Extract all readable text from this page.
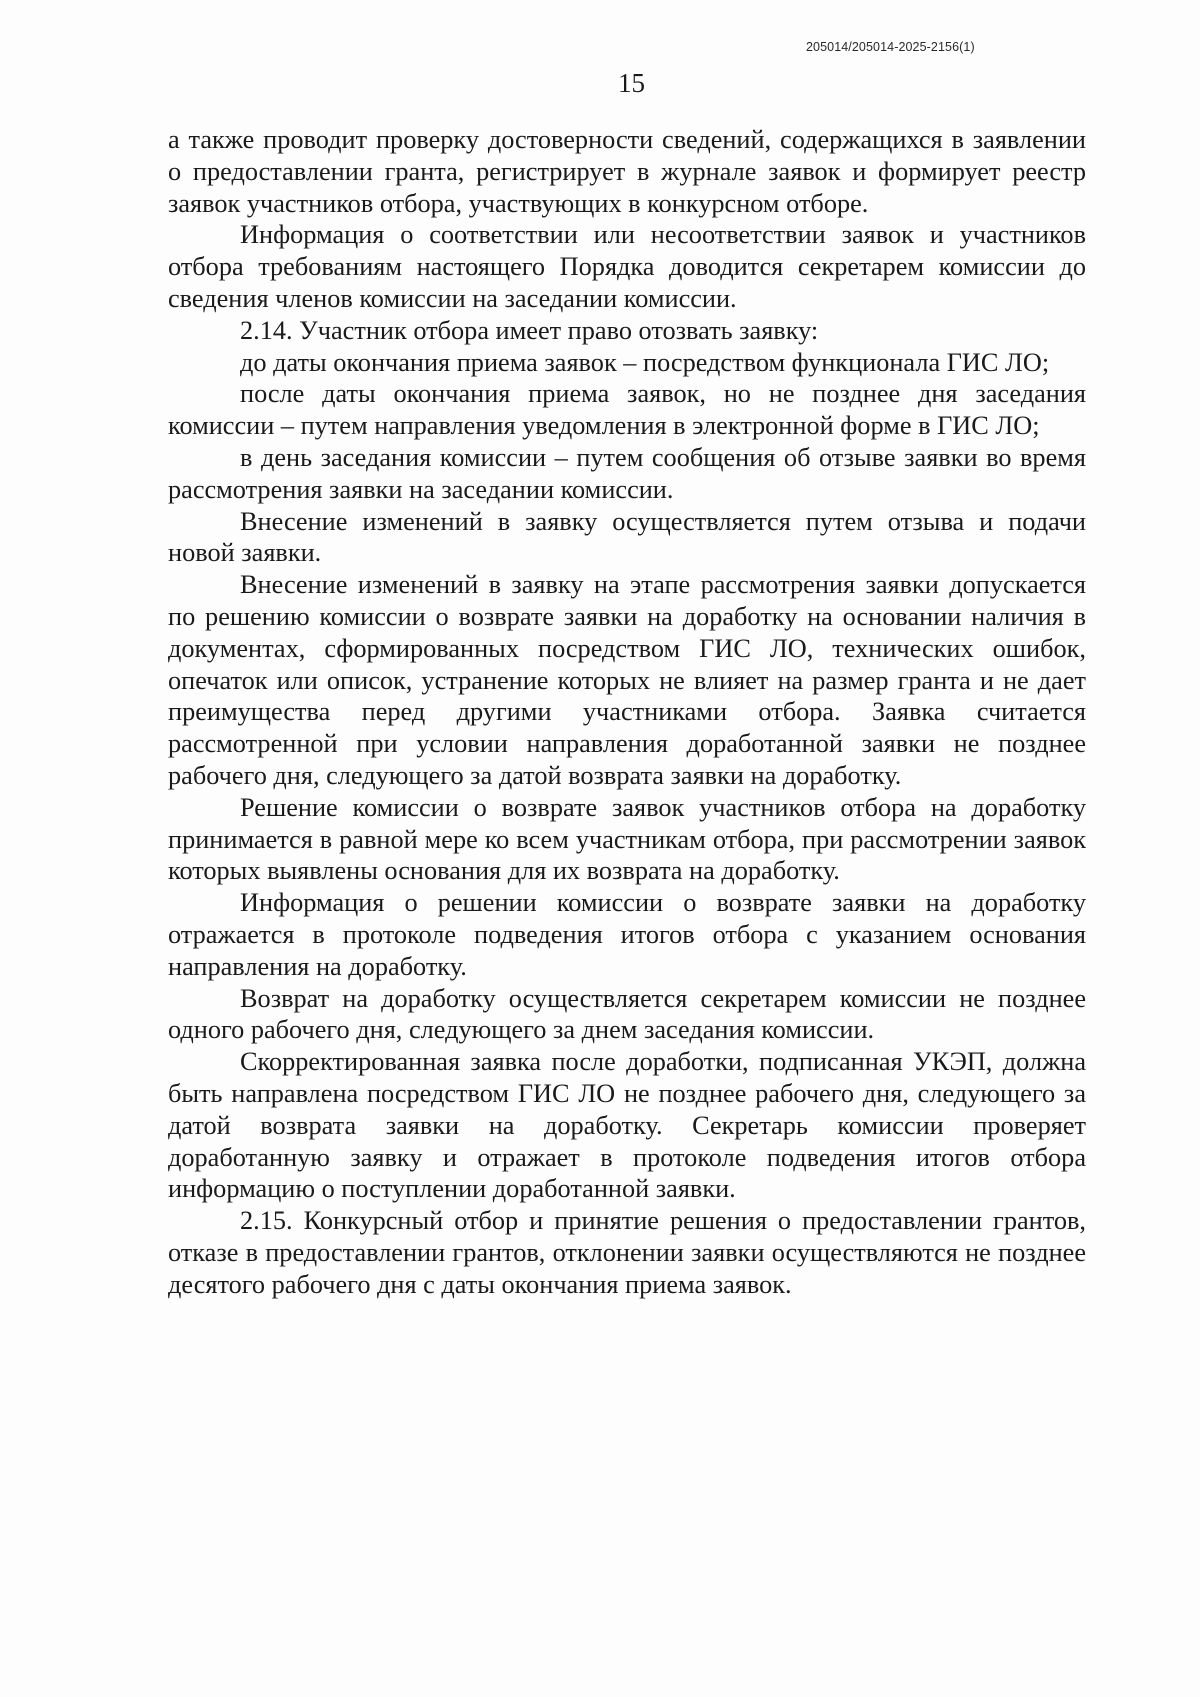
205014/205014-2025-2156(1)
15

а также проводит проверку достоверности сведений, содержащихся в заявлении о предоставлении гранта, регистрирует в журнале заявок и формирует реестр заявок участников отбора, участвующих в конкурсном отборе.

Информация о соответствии или несоответствии заявок и участников отбора требованиям настоящего Порядка доводится секретарем комиссии до сведения членов комиссии на заседании комиссии.

2.14. Участник отбора имеет право отозвать заявку:

до даты окончания приема заявок – посредством функционала ГИС ЛО;

после даты окончания приема заявок, но не позднее дня заседания комиссии – путем направления уведомления в электронной форме в ГИС ЛО;

в день заседания комиссии – путем сообщения об отзыве заявки во время рассмотрения заявки на заседании комиссии.

Внесение изменений в заявку осуществляется путем отзыва и подачи новой заявки.

Внесение изменений в заявку на этапе рассмотрения заявки допускается по решению комиссии о возврате заявки на доработку на основании наличия в документах, сформированных посредством ГИС ЛО, технических ошибок, опечаток или описок, устранение которых не влияет на размер гранта и не дает преимущества перед другими участниками отбора. Заявка считается рассмотренной при условии направления доработанной заявки не позднее рабочего дня, следующего за датой возврата заявки на доработку.

Решение комиссии о возврате заявок участников отбора на доработку принимается в равной мере ко всем участникам отбора, при рассмотрении заявок которых выявлены основания для их возврата на доработку.

Информация о решении комиссии о возврате заявки на доработку отражается в протоколе подведения итогов отбора с указанием основания направления на доработку.

Возврат на доработку осуществляется секретарем комиссии не позднее одного рабочего дня, следующего за днем заседания комиссии.

Скорректированная заявка после доработки, подписанная УКЭП, должна быть направлена посредством ГИС ЛО не позднее рабочего дня, следующего за датой возврата заявки на доработку. Секретарь комиссии проверяет доработанную заявку и отражает в протоколе подведения итогов отбора информацию о поступлении доработанной заявки.

2.15. Конкурсный отбор и принятие решения о предоставлении грантов, отказе в предоставлении грантов, отклонении заявки осуществляются не позднее десятого рабочего дня с даты окончания приема заявок.
